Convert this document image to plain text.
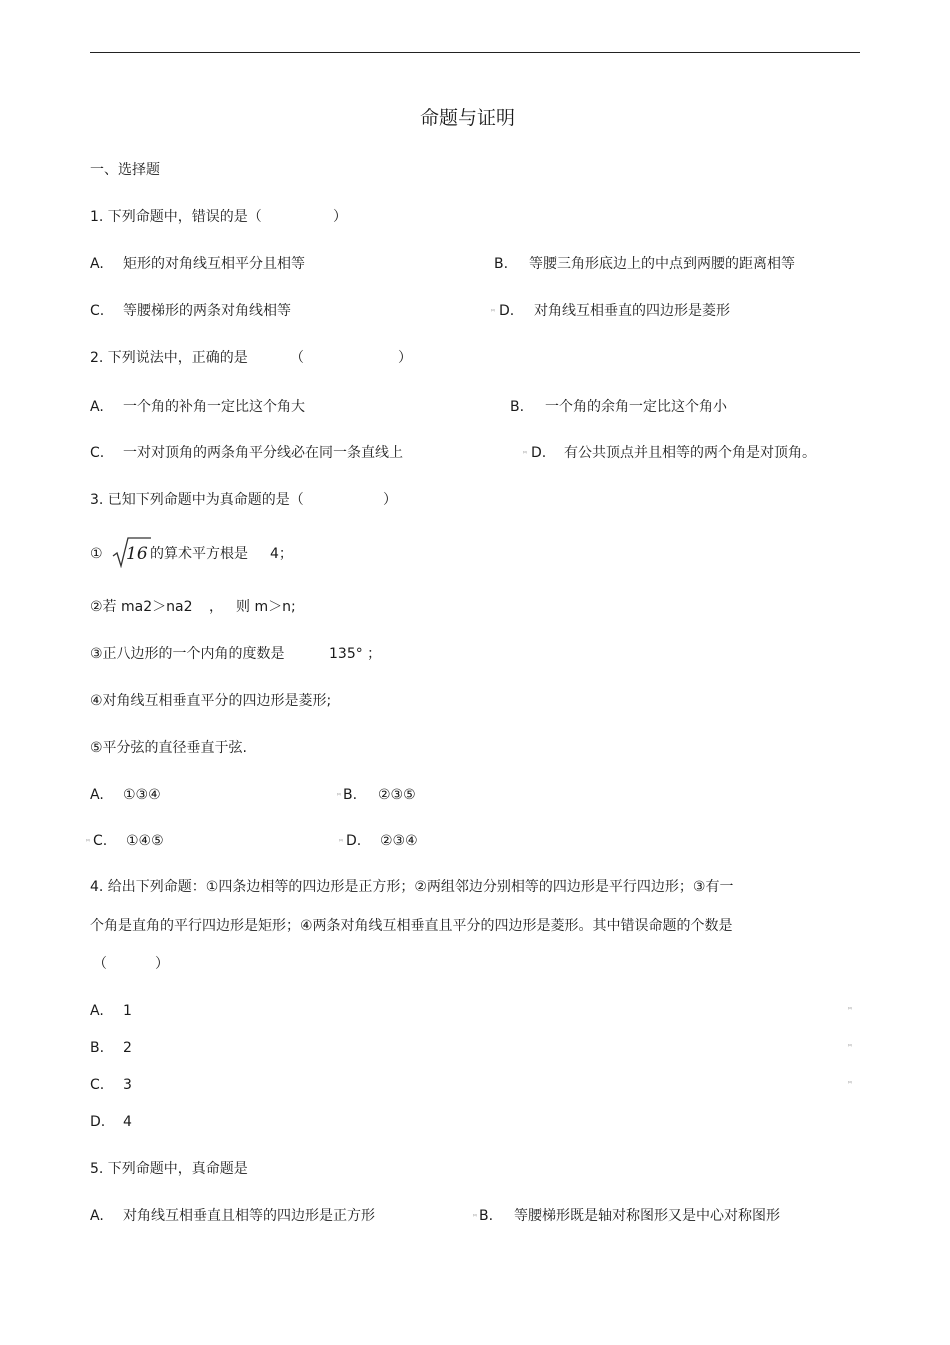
命题与证明
一、选择题
1. 下列命题中，错误的是（	）
A. 矩形的对角线互相平分且相等	B. 等腰三角形底边上的中点到两腰的距离相等
C. 等腰梯形的两条对角线相等	ᴹ D. 对角线互相垂直的四边形是菱形
2. 下列说法中，正确的是	（	）
A. 一个角的补角一定比这个角大	B. 一个角的余角一定比这个角小
C. 一对对顶角的两条角平分线必在同一条直线上	ᴹ D. 有公共顶点并且相等的两个角是对顶角。
3. 已知下列命题中为真命题的是（	）
① 16 的算术平方根是 4；
②若 ma2＞na2 ， 则 m＞n;
③正八边形的一个内角的度数是	135° ；
④对角线互相垂直平分的四边形是菱形;
⑤平分弦的直径垂直于弦.
A. ①③④	ᴹ B. ②③⑤
ᴹ C. ①④⑤	ᴹ D. ②③④
4. 给出下列命题：①四条边相等的四边形是正方形；②两组邻边分别相等的四边形是平行四边形；③有一
个角是直角的平行四边形是矩形；④两条对角线互相垂直且平分的四边形是菱形。其中错误命题的个数是
（	）
A. 1	ᴹ
B. 2	ᴹ
C. 3	ᴹ
D. 4
5. 下列命题中，真命题是
A. 对角线互相垂直且相等的四边形是正方形	ᴹ B. 等腰梯形既是轴对称图形又是中心对称图形
